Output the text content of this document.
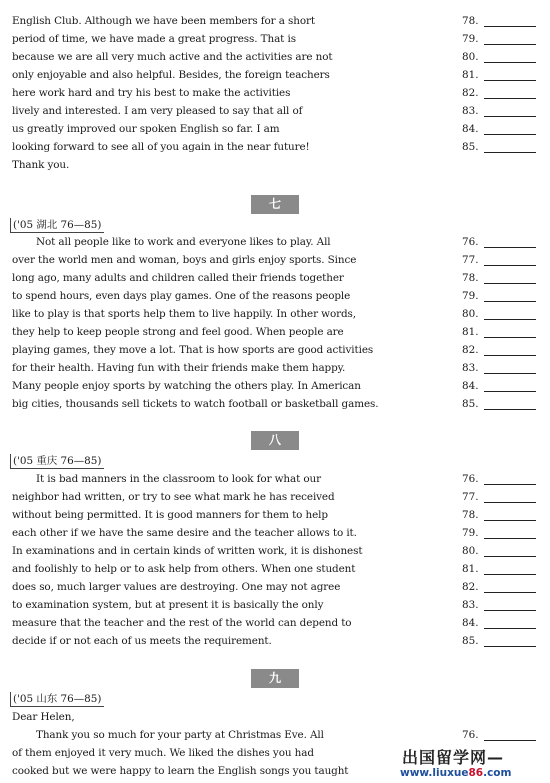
English Club. Although we have been members for a short
period of time, we have made a great progress. That is
because we are all very much active and the activities are not
only enjoyable and also helpful. Besides, the foreign teachers
here work hard and try his best to make the activities
lively and interested. I am very pleased to say that all of
us greatly improved our spoken English so far. I am
looking forward to see all of you again in the near future!
Thank you.
78.
79.
80.
81.
82.
83.
84.
85.
七
('05 湖北 76—85)
Not all people like to work and everyone likes to play. All
over the world men and woman, boys and girls enjoy sports. Since
long ago, many adults and children called their friends together
to spend hours, even days play games. One of the reasons people
like to play is that sports help them to live happily. In other words,
they help to keep people strong and feel good. When people are
playing games, they move a lot. That is how sports are good activities
for their health. Having fun with their friends make them happy.
Many people enjoy sports by watching the others play. In American
big cities, thousands sell tickets to watch football or basketball games.
76.
77.
78.
79.
80.
81.
82.
83.
84.
85.
八
('05 重庆 76—85)
It is bad manners in the classroom to look for what our
neighbor had written, or try to see what mark he has received
without being permitted. It is good manners for them to help
each other if we have the same desire and the teacher allows to it.
In examinations and in certain kinds of written work, it is dishonest
and foolishly to help or to ask help from others. When one student
does so, much larger values are destroying. One may not agree
to examination system, but at present it is basically the only
measure that the teacher and the rest of the world can depend to
decide if or not each of us meets the requirement.
76.
77.
78.
79.
80.
81.
82.
83.
84.
85.
九
('05 山东 76—85)
Dear Helen,
Thank you so much for your party at Christmas Eve. All
of them enjoyed it very much. We liked the dishes you had
cooked but we were happy to learn the English songs you taught
76.
出国留学网—
www.liuxue86.com
